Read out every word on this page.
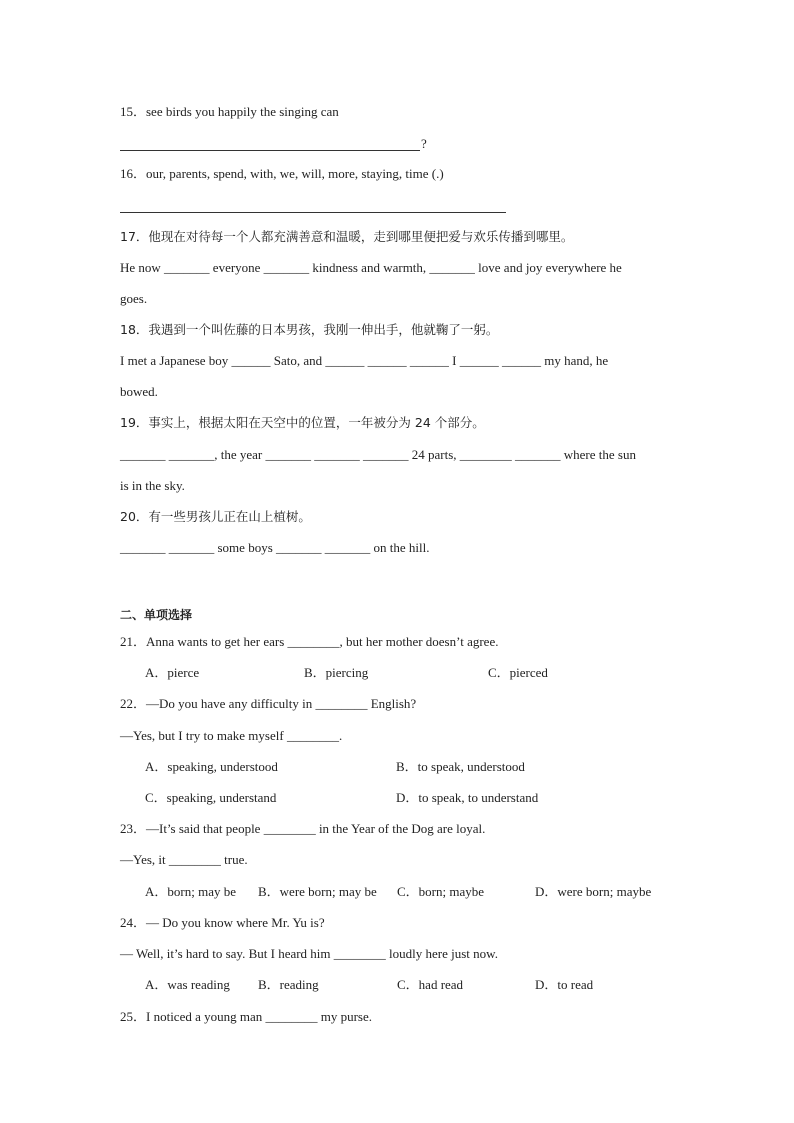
15．see birds you happily the singing can
?
16．our, parents, spend, with, we, will, more, staying, time (.)
17．他现在对待每一个人都充满善意和温暖，走到哪里便把爱与欢乐传播到哪里。
He now _______ everyone _______ kindness and warmth, _______ love and joy everywhere he
goes.
18．我遇到一个叫佐藤的日本男孩，我刚一伸出手，他就鞠了一躬。
I met a Japanese boy ______ Sato, and ______ ______ ______ I ______ ______ my hand, he
bowed.
19．事实上，根据太阳在天空中的位置，一年被分为 24 个部分。
_______ _______, the year _______ _______ _______ 24 parts, ________ _______ where the sun
is in the sky.
20．有一些男孩儿正在山上植树。
_______ _______ some boys _______ _______ on the hill.
二、单项选择
21．Anna wants to get her ears ________, but her mother doesn’t agree.
A．pierce	B．piercing	C．pierced
22．—Do you have any difficulty in ________ English?
—Yes, but I try to make myself ________.
A．speaking, understood	B．to speak, understood
C．speaking, understand	D．to speak, to understand
23．—It’s said that people ________ in the Year of the Dog are loyal.
—Yes, it ________ true.
A．born; may be B．were born; may be C．born; maybe	D．were born; maybe
24．— Do you know where Mr. Yu is?
— Well, it’s hard to say. But I heard him ________ loudly here just now.
A．was reading B．reading	C．had read	D．to read
25．I noticed a young man ________ my purse.
